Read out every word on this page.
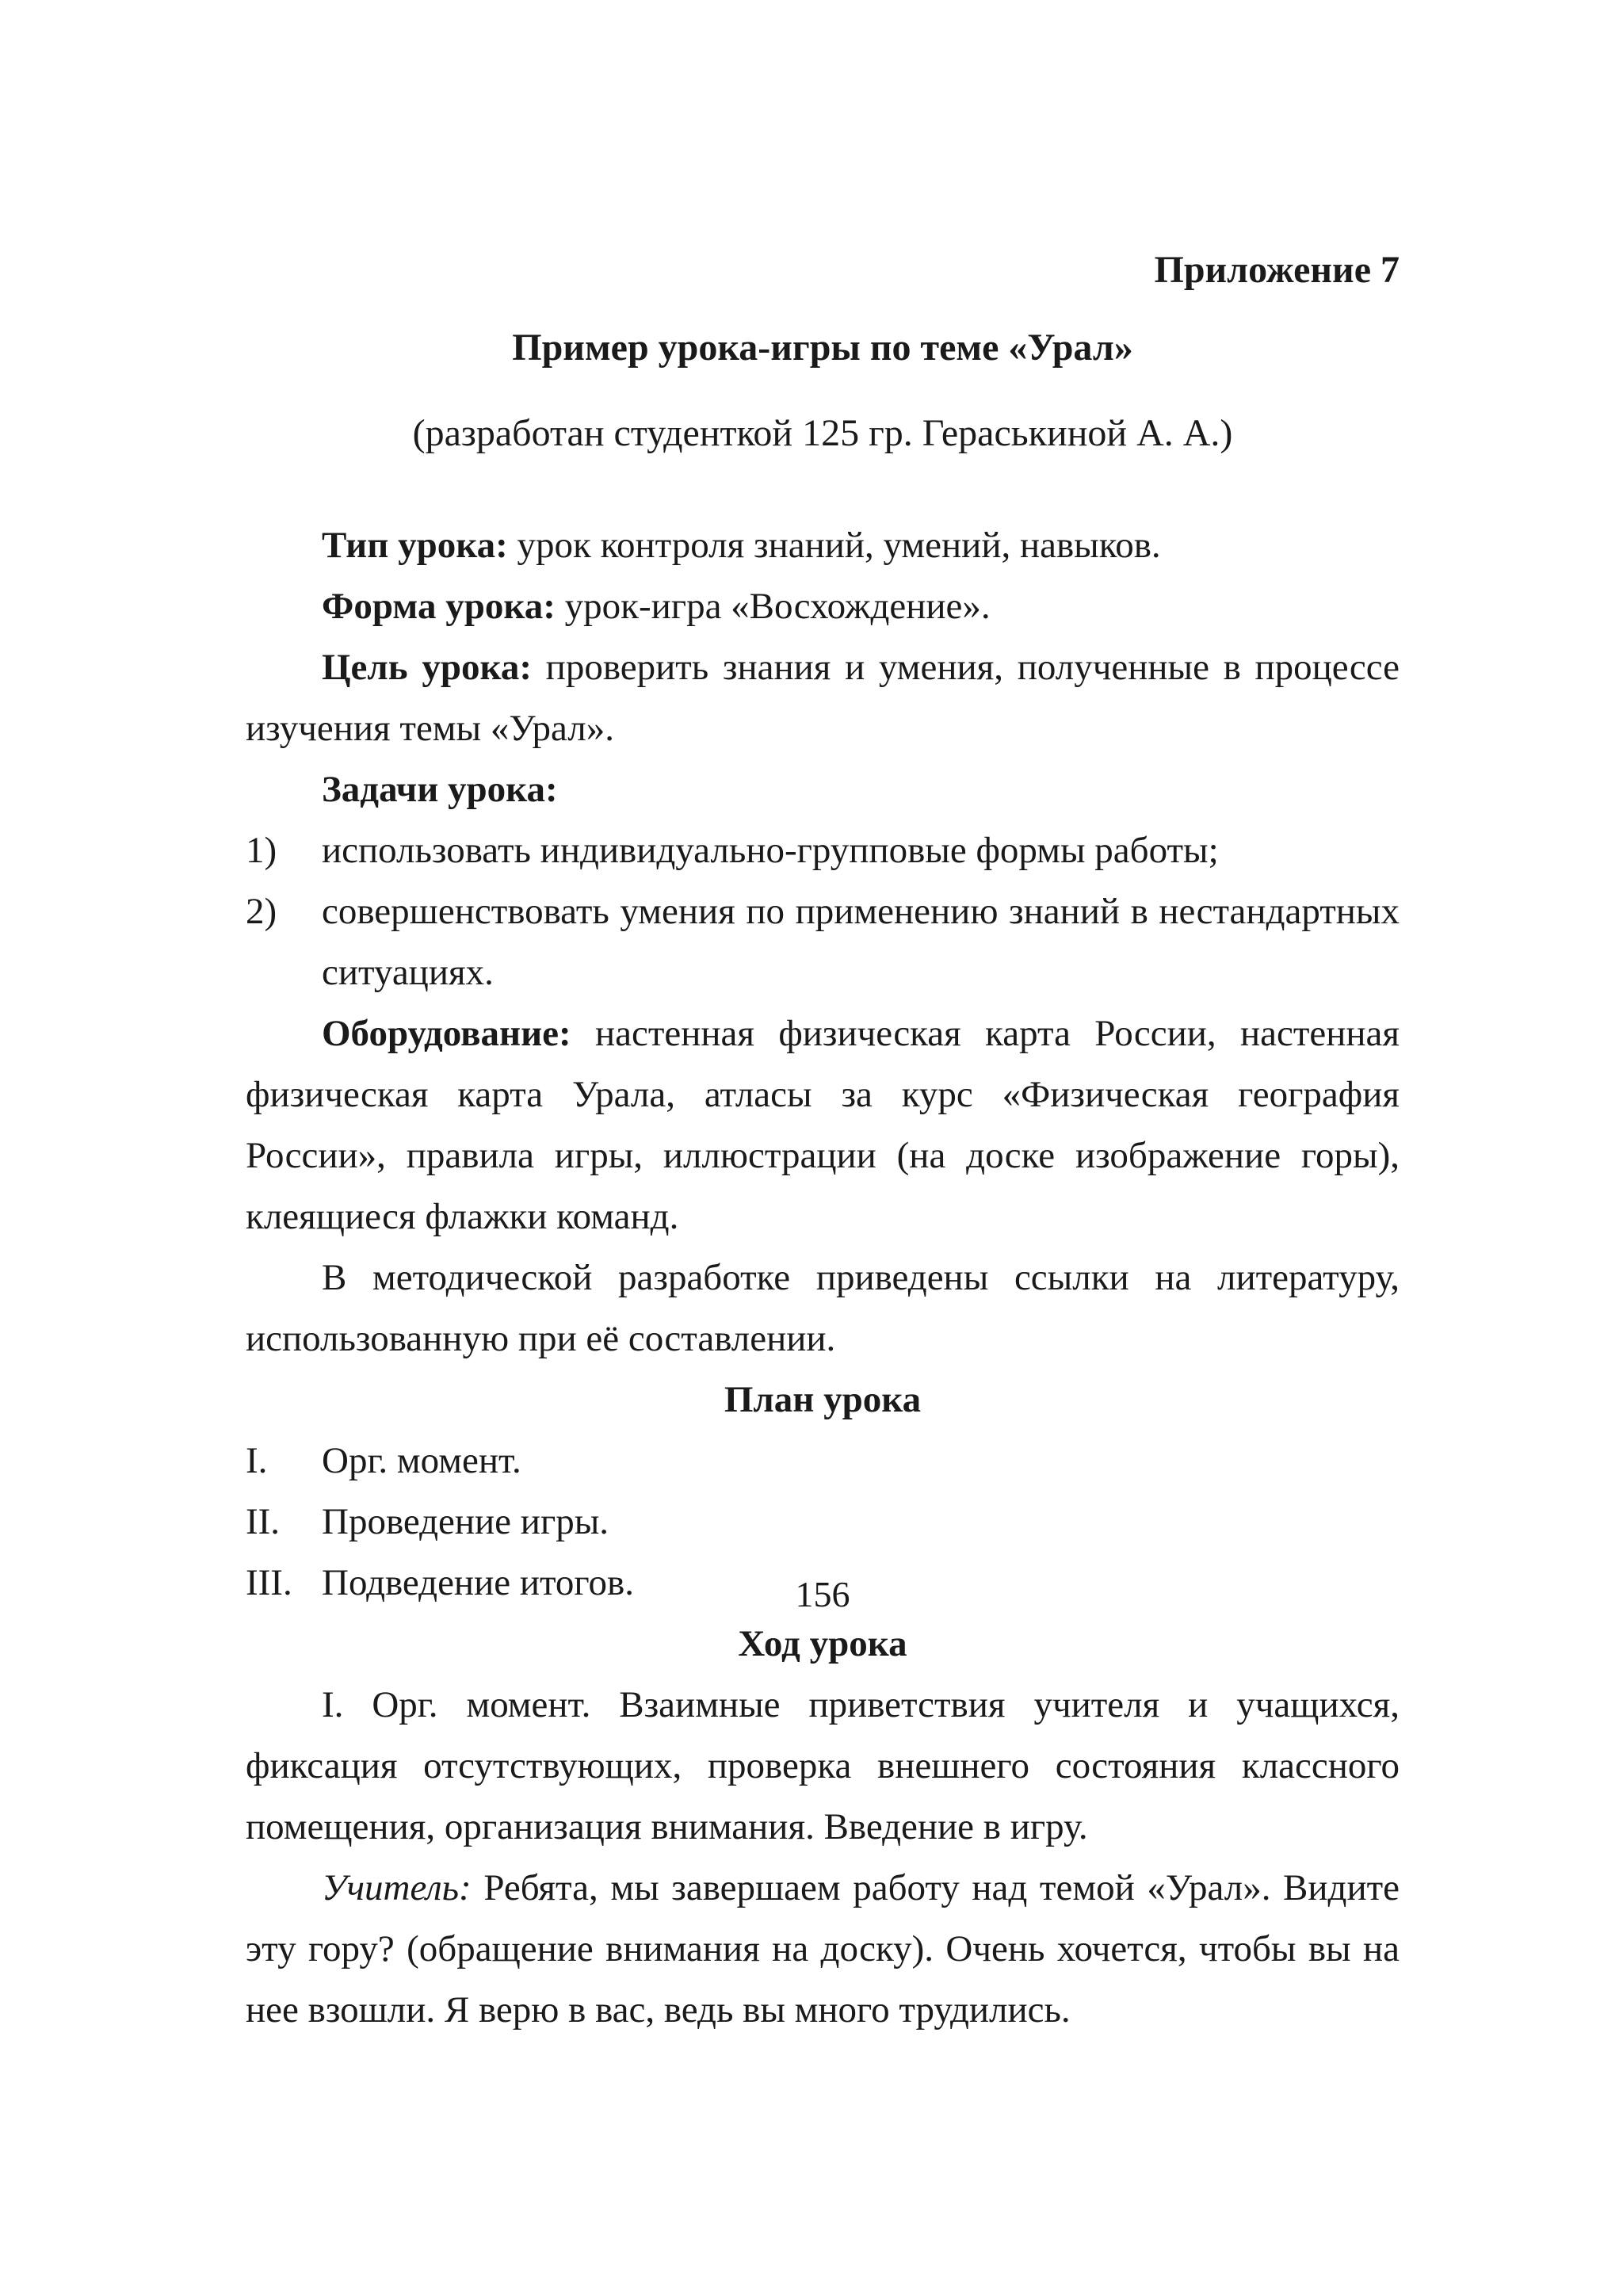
Приложение 7
Пример урока-игры по теме «Урал»
(разработан студенткой 125 гр. Гераськиной А. А.)

Тип урока: урок контроля знаний, умений, навыков.

Форма урока: урок-игра «Восхождение».

Цель урока: проверить знания и умения, полученные в процессе изучения темы «Урал».

Задачи урока:

1)	использовать индивидуально-групповые формы работы;
2)	совершенствовать умения по применению знаний в нестандартных ситуациях.

Оборудование: настенная физическая карта России, настенная физическая карта Урала, атласы за курс «Физическая география России», правила игры, иллюстрации (на доске изображение горы), клеящиеся флажки команд.

В методической разработке приведены ссылки на литературу, использованную при её составлении.

План урока

I.	Орг. момент.
II.	Проведение игры.
III. Подведение итогов.

Ход урока

I. Орг. момент. Взаимные приветствия учителя и учащихся, фиксация отсутствующих, проверка внешнего состояния классного помещения, организация внимания. Введение в игру.

Учитель: Ребята, мы завершаем работу над темой «Урал». Видите эту гору? (обращение внимания на доску). Очень хочется, чтобы вы на нее взошли. Я верю в вас, ведь вы много трудились.

156
